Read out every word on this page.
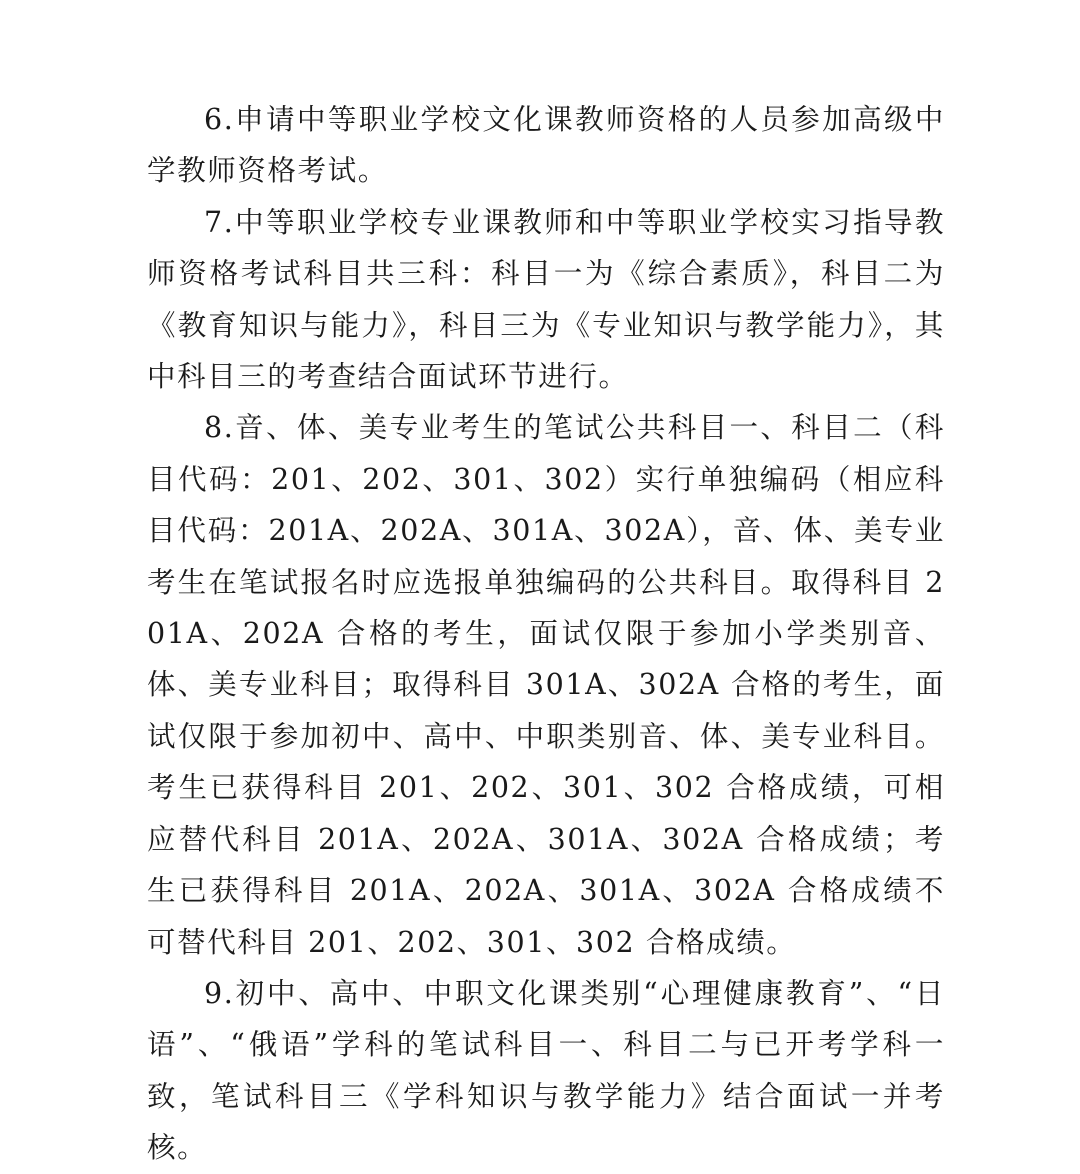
6.申请中等职业学校文化课教师资格的人员参加高级中学教师资格考试。

7.中等职业学校专业课教师和中等职业学校实习指导教师资格考试科目共三科：科目一为《综合素质》，科目二为《教育知识与能力》，科目三为《专业知识与教学能力》，其中科目三的考查结合面试环节进行。

8.音、体、美专业考生的笔试公共科目一、科目二（科目代码：201、202、301、302）实行单独编码（相应科目代码：201A、202A、301A、302A），音、体、美专业考生在笔试报名时应选报单独编码的公共科目。取得科目 201A、202A 合格的考生，面试仅限于参加小学类别音、体、美专业科目；取得科目 301A、302A 合格的考生，面试仅限于参加初中、高中、中职类别音、体、美专业科目。考生已获得科目 201、202、301、302 合格成绩，可相应替代科目 201A、202A、301A、302A 合格成绩；考生已获得科目 201A、202A、301A、302A 合格成绩不可替代科目 201、202、301、302 合格成绩。

9.初中、高中、中职文化课类别“心理健康教育”、“日语”、“俄语”学科的笔试科目一、科目二与已开考学科一致，笔试科目三《学科知识与教学能力》结合面试一并考核。
